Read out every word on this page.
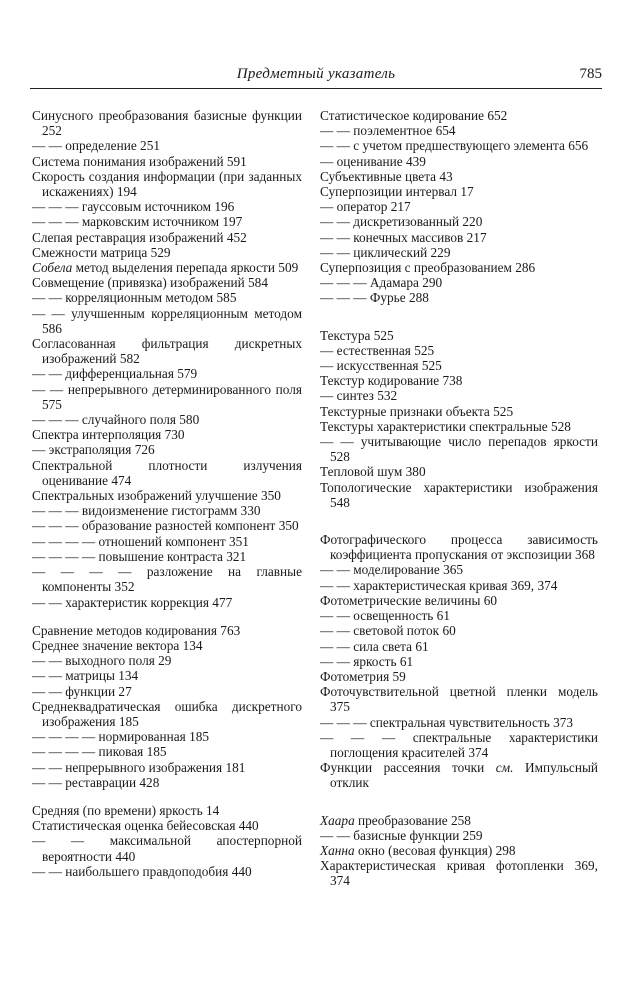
Предметный указатель	785
Синусного преобразования базисные функции 252
— — определение 251
Система понимания изображений 591
Скорость создания информации (при заданных искажениях) 194
— — — гауссовым источником 196
— — — марковским источником 197
Слепая реставрация изображений 452
Смежности матрица 529
Собела метод выделения перепада яркости 509
Совмещение (привязка) изображений 584
— — корреляционным методом 585
— — улучшенным корреляционным методом 586
Согласованная фильтрация дискретных изображений 582
— — дифференциальная 579
— — непрерывного детерминированного поля 575
— — — случайного поля 580
Спектра интерполяция 730
— экстраполяция 726
Спектральной плотности излучения оценивание 474
Спектральных изображений улучшение 350
— — — видоизменение гистограмм 330
— — — образование разностей компонент 350
— — — — отношений компонент 351
— — — — повышение контраста 321
— — — — разложение на главные компоненты 352
— — характеристик коррекция 477
Сравнение методов кодирования 763
Среднее значение вектора 134
— — выходного поля 29
— — матрицы 134
— — функции 27
Среднеквадратическая ошибка дискретного изображения 185
— — — — нормированная 185
— — — — пиковая 185
— — непрерывного изображения 181
— — реставрации 428
Средняя (по времени) яркость 14
Статистическая оценка бейесовская 440
— — максимальной апостерпорной вероятности 440
— — наибольшего правдоподобия 440
Статистическое кодирование 652
— — поэлементное 654
— — с учетом предшествующего элемента 656
— оценивание 439
Субъективные цвета 43
Суперпозиции интервал 17
— оператор 217
— — дискретизованный 220
— — конечных массивов 217
— — циклический 229
Суперпозиция с преобразованием 286
— — — Адамара 290
— — — Фурье 288
Текстура 525
— естественная 525
— искусственная 525
Текстур кодирование 738
— синтез 532
Текстурные признаки объекта 525
Текстуры характеристики спектральные 528
— — учитывающие число перепадов яркости 528
Тепловой шум 380
Топологические характеристики изображения 548
Фотографического процесса зависимость коэффициента пропускания от экспозиции 368
— — моделирование 365
— — характеристическая кривая 369, 374
Фотометрические величины 60
— — освещенность 61
— — световой поток 60
— — сила света 61
— — яркость 61
Фотометрия 59
Фоточувствительной цветной пленки модель 375
— — — спектральная чувствительность 373
— — — спектральные характеристики поглощения красителей 374
Функции рассеяния точки см. Импульсный отклик
Хаара преобразование 258
— — базисные функции 259
Ханна окно (весовая функция) 298
Характеристическая кривая фотопленки 369, 374
